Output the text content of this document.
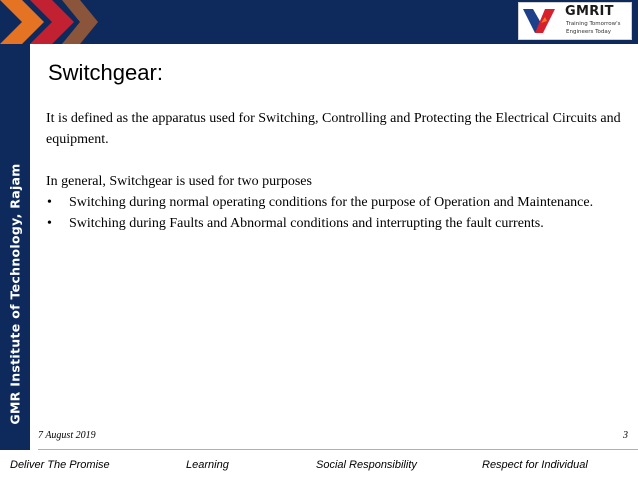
GMRIT
Training Tomorrow's
Engineers Today
GMR Institute of Technology, Rajam
Switchgear:

It is defined as the apparatus used for Switching, Controlling and Protecting the Electrical Circuits and equipment.

In general, Switchgear is used for two purposes

• Switching during normal operating conditions for the purpose of Operation and Maintenance.
• Switching during Faults and Abnormal conditions and interrupting the fault currents.
7 August 2019	3
Deliver The Promise	Learning	Social Responsibility	Respect for Individual
